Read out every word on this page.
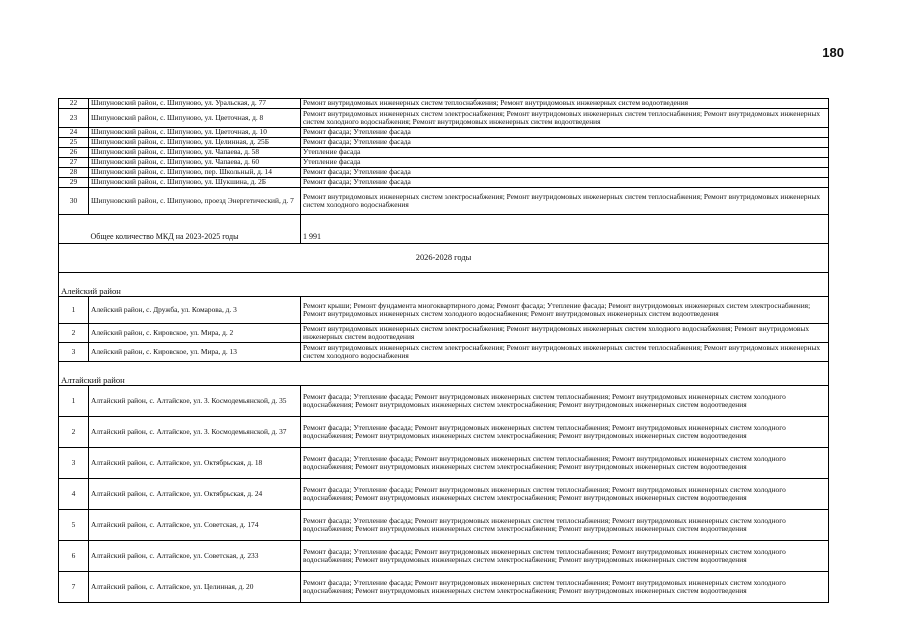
180
22	Шипуновский район, с. Шипуново, ул. Уральская, д. 77	Ремонт внутридомовых инженерных систем теплоснабжения; Ремонт внутридомовых инженерных систем водоотведения
23	Шипуновский район, с. Шипуново, ул. Цветочная, д. 8	Ремонт внутридомовых инженерных систем электроснабжения; Ремонт внутридомовых инженерных систем теплоснабжения; Ремонт внутридомовых инженерных систем холодного водоснабжения; Ремонт внутридомовых инженерных систем водоотведения
24	Шипуновский район, с. Шипуново, ул. Цветочная, д. 10	Ремонт фасада; Утепление фасада
25	Шипуновский район, с. Шипуново, ул. Целинная, д. 25Б	Ремонт фасада; Утепление фасада
26	Шипуновский район, с. Шипуново, ул. Чапаева, д. 58	Утепление фасада
27	Шипуновский район, с. Шипуново, ул. Чапаева, д. 60	Утепление фасада
28	Шипуновский район, с. Шипуново, пер. Школьный, д. 14	Ремонт фасада; Утепление фасада
29	Шипуновский район, с. Шипуново, ул. Шукшина, д. 2Б	Ремонт фасада; Утепление фасада
30	Шипуновский район, с. Шипуново, проезд Энергетический, д. 7	Ремонт внутридомовых инженерных систем электроснабжения; Ремонт внутридомовых инженерных систем теплоснабжения; Ремонт внутридомовых инженерных систем холодного водоснабжения
	Общее количество МКД на 2023-2025 годы	1 991
2026-2028 годы		
Алейский район		
1	Алейский район, с. Дружба, ул. Комарова, д. 3	Ремонт крыши; Ремонт фундамента многоквартирного дома; Ремонт фасада; Утепление фасада; Ремонт внутридомовых инженерных систем электроснабжения; Ремонт внутридомовых инженерных систем холодного водоснабжения; Ремонт внутридомовых инженерных систем водоотведения
2	Алейский район, с. Кировское, ул. Мира, д. 2	Ремонт внутридомовых инженерных систем электроснабжения; Ремонт внутридомовых инженерных систем холодного водоснабжения; Ремонт внутридомовых инженерных систем водоотведения
3	Алейский район, с. Кировское, ул. Мира, д. 13	Ремонт внутридомовых инженерных систем электроснабжения; Ремонт внутридомовых инженерных систем теплоснабжения; Ремонт внутридомовых инженерных систем холодного водоснабжения
Алтайский район		
1	Алтайский район, с. Алтайское, ул. З. Космодемьянской, д. 35	Ремонт фасада; Утепление фасада; Ремонт внутридомовых инженерных систем теплоснабжения; Ремонт внутридомовых инженерных систем холодного водоснабжения; Ремонт внутридомовых инженерных систем электроснабжения; Ремонт внутридомовых инженерных систем водоотведения
2	Алтайский район, с. Алтайское, ул. З. Космодемьянской, д. 37	Ремонт фасада; Утепление фасада; Ремонт внутридомовых инженерных систем теплоснабжения; Ремонт внутридомовых инженерных систем холодного водоснабжения; Ремонт внутридомовых инженерных систем электроснабжения; Ремонт внутридомовых инженерных систем водоотведения
3	Алтайский район, с. Алтайское, ул. Октябрьская, д. 18	Ремонт фасада; Утепление фасада; Ремонт внутридомовых инженерных систем теплоснабжения; Ремонт внутридомовых инженерных систем холодного водоснабжения; Ремонт внутридомовых инженерных систем электроснабжения; Ремонт внутридомовых инженерных систем водоотведения
4	Алтайский район, с. Алтайское, ул. Октябрьская, д. 24	Ремонт фасада; Утепление фасада; Ремонт внутридомовых инженерных систем теплоснабжения; Ремонт внутридомовых инженерных систем холодного водоснабжения; Ремонт внутридомовых инженерных систем электроснабжения; Ремонт внутридомовых инженерных систем водоотведения
5	Алтайский район, с. Алтайское, ул. Советская, д. 174	Ремонт фасада; Утепление фасада; Ремонт внутридомовых инженерных систем теплоснабжения; Ремонт внутридомовых инженерных систем холодного водоснабжения; Ремонт внутридомовых инженерных систем электроснабжения; Ремонт внутридомовых инженерных систем водоотведения
6	Алтайский район, с. Алтайское, ул. Советская, д. 233	Ремонт фасада; Утепление фасада; Ремонт внутридомовых инженерных систем теплоснабжения; Ремонт внутридомовых инженерных систем холодного водоснабжения; Ремонт внутридомовых инженерных систем электроснабжения; Ремонт внутридомовых инженерных систем водоотведения
7	Алтайский район, с. Алтайское, ул. Целинная, д. 20	Ремонт фасада; Утепление фасада; Ремонт внутридомовых инженерных систем теплоснабжения; Ремонт внутридомовых инженерных систем холодного водоснабжения; Ремонт внутридомовых инженерных систем электроснабжения; Ремонт внутридомовых инженерных систем водоотведения
